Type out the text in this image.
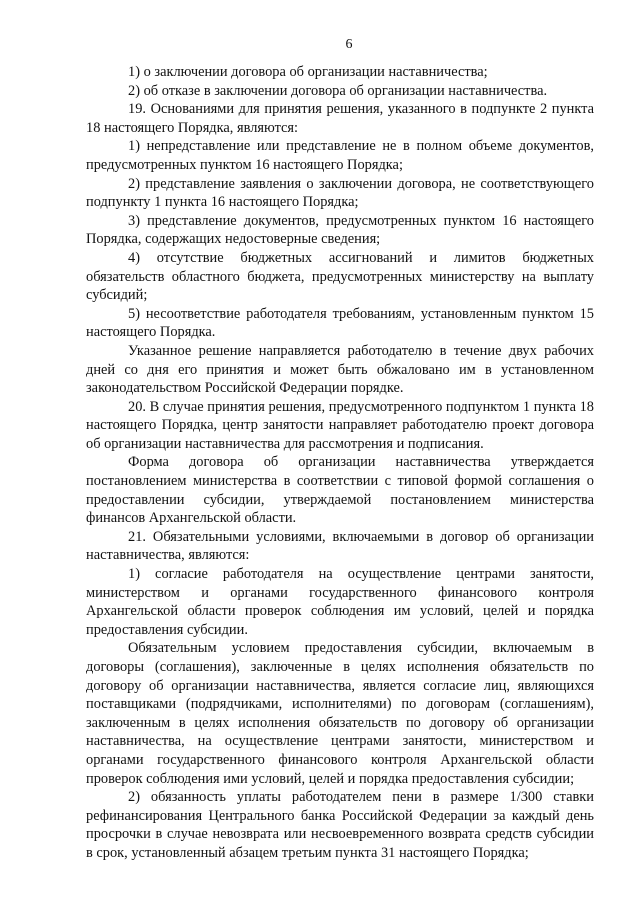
6

1) о заключении договора об организации наставничества;

2) об отказе в заключении договора об организации наставничества.

19. Основаниями для принятия решения, указанного в подпункте 2 пункта 18 настоящего Порядка, являются:

1) непредставление или представление не в полном объеме документов, предусмотренных пунктом 16 настоящего Порядка;

2) представление заявления о заключении договора, не соответствующего подпункту 1 пункта 16 настоящего Порядка;

3) представление документов, предусмотренных пунктом 16 настоящего Порядка, содержащих недостоверные сведения;

4) отсутствие бюджетных ассигнований и лимитов бюджетных обязательств областного бюджета, предусмотренных министерству на выплату субсидий;

5) несоответствие работодателя требованиям, установленным пунктом 15 настоящего Порядка.

Указанное решение направляется работодателю в течение двух рабочих дней со дня его принятия и может быть обжаловано им в установленном законодательством Российской Федерации порядке.

20. В случае принятия решения, предусмотренного подпунктом 1 пункта 18 настоящего Порядка, центр занятости направляет работодателю проект договора об организации наставничества для рассмотрения и подписания.

Форма договора об организации наставничества утверждается постановлением министерства в соответствии с типовой формой соглашения о предоставлении субсидии, утверждаемой постановлением министерства финансов Архангельской области.

21. Обязательными условиями, включаемыми в договор об организации наставничества, являются:

1) согласие работодателя на осуществление центрами занятости, министерством и органами государственного финансового контроля Архангельской области проверок соблюдения им условий, целей и порядка предоставления субсидии.

Обязательным условием предоставления субсидии, включаемым в договоры (соглашения), заключенные в целях исполнения обязательств по договору об организации наставничества, является согласие лиц, являющихся поставщиками (подрядчиками, исполнителями) по договорам (соглашениям), заключенным в целях исполнения обязательств по договору об организации наставничества, на осуществление центрами занятости, министерством и органами государственного финансового контроля Архангельской области проверок соблюдения ими условий, целей и порядка предоставления субсидии;

2) обязанность уплаты работодателем пени в размере 1/300 ставки рефинансирования Центрального банка Российской Федерации за каждый день просрочки в случае невозврата или несвоевременного возврата средств субсидии в срок, установленный абзацем третьим пункта 31 настоящего Порядка;
